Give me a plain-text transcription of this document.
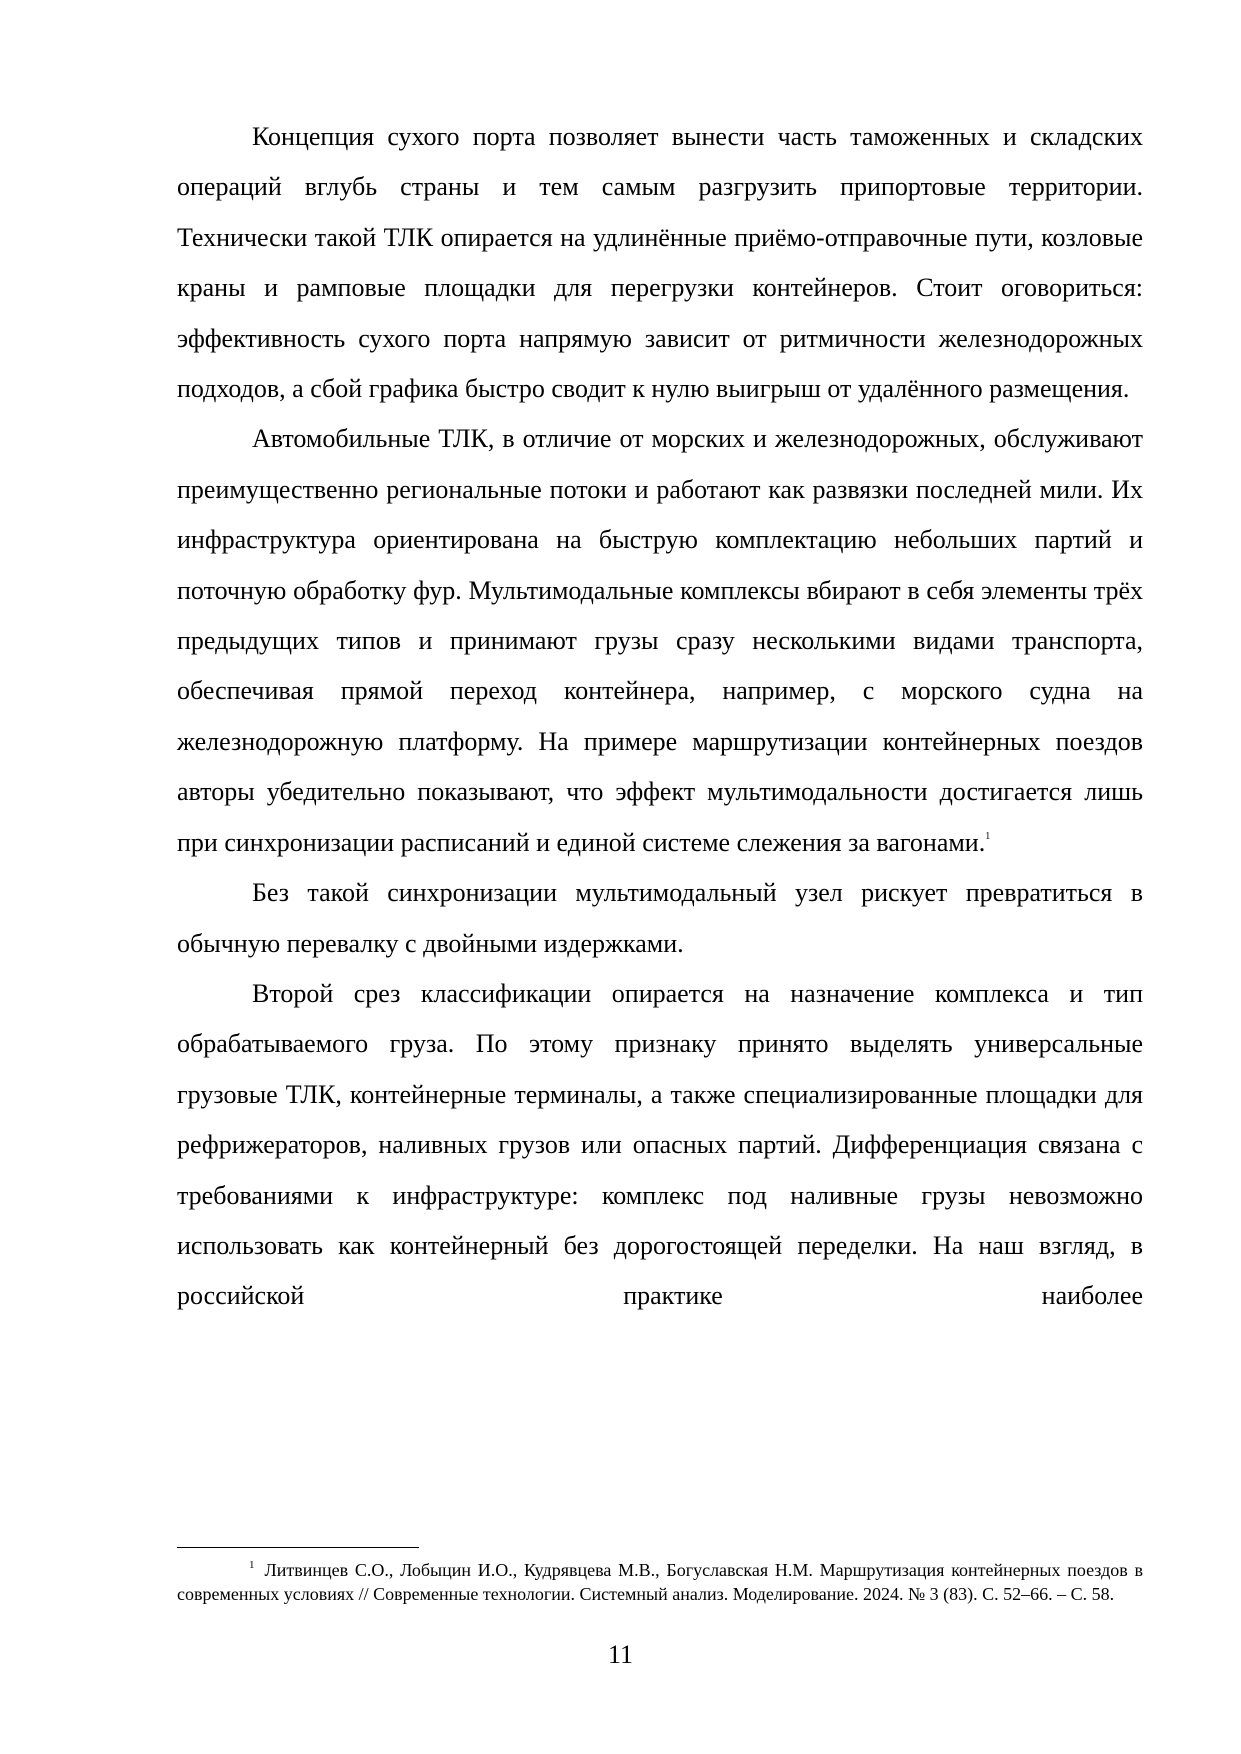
Концепция сухого порта позволяет вынести часть таможенных и складских операций вглубь страны и тем самым разгрузить припортовые территории. Технически такой ТЛК опирается на удлинённые приёмо-отправочные пути, козловые краны и рамповые площадки для перегрузки контейнеров. Стоит оговориться: эффективность сухого порта напрямую зависит от ритмичности железнодорожных подходов, а сбой графика быстро сводит к нулю выигрыш от удалённого размещения.

Автомобильные ТЛК, в отличие от морских и железнодорожных, обслуживают преимущественно региональные потоки и работают как развязки последней мили. Их инфраструктура ориентирована на быструю комплектацию небольших партий и поточную обработку фур. Мультимодальные комплексы вбирают в себя элементы трёх предыдущих типов и принимают грузы сразу несколькими видами транспорта, обеспечивая прямой переход контейнера, например, с морского судна на железнодорожную платформу. На примере маршрутизации контейнерных поездов авторы убедительно показывают, что эффект мультимодальности достигается лишь при синхронизации расписаний и единой системе слежения за вагонами.$^1$

Без такой синхронизации мультимодальный узел рискует превратиться в обычную перевалку с двойными издержками.

Второй срез классификации опирается на назначение комплекса и тип обрабатываемого груза. По этому признаку принято выделять универсальные грузовые ТЛК, контейнерные терминалы, а также специализированные площадки для рефрижераторов, наливных грузов или опасных партий. Дифференциация связана с требованиями к инфраструктуре: комплекс под наливные грузы невозможно использовать как контейнерный без дорогостоящей переделки. На наш взгляд, в российской практике наиболее

$^1$ Литвинцев С.О., Лобыцин И.О., Кудрявцева М.В., Богуславская Н.М. Маршрутизация контейнерных поездов в современных условиях // Современные технологии. Системный анализ. Моделирование. 2024. № 3 (83). С. 52–66. – С. 58.

11
